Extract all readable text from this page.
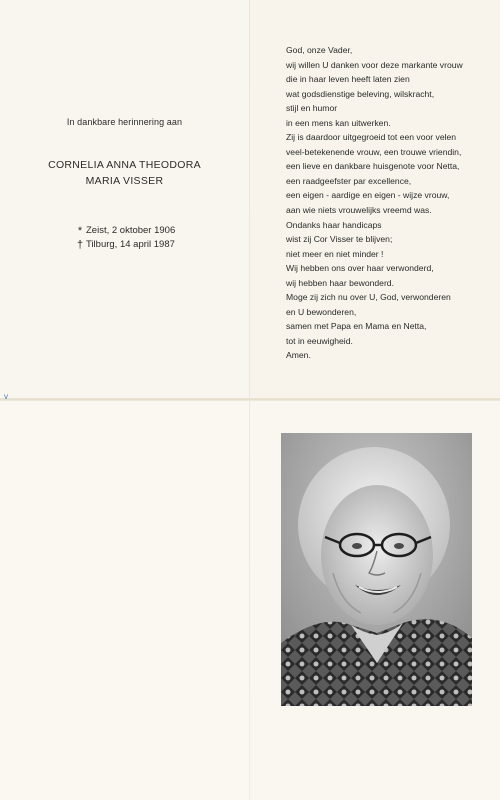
In dankbare herinnering aan
CORNELIA ANNA THEODORA
MARIA VISSER
* Zeist, 2 oktober 1906
† Tilburg, 14 april 1987
God, onze Vader,
wij willen U danken voor deze markante vrouw
die in haar leven heeft laten zien
wat godsdienstige beleving, wilskracht,
stijl en humor
in een mens kan uitwerken.
Zij is daardoor uitgegroeid tot een voor velen
veel-betekenende vrouw, een trouwe vriendin,
een lieve en dankbare huisgenote voor Netta,
een raadgeefster par excellence,
een eigen - aardige en eigen - wijze vrouw,
aan wie niets vrouwelijks vreemd was.
Ondanks haar handicaps
wist zij Cor Visser te blijven;
niet meer en niet minder !
Wij hebben ons over haar verwonderd,
wij hebben haar bewonderd.
Moge zij zich nu over U, God, verwonderen
en U bewonderen,
samen met Papa en Mama en Netta,
tot in eeuwigheid.
Amen.
v
